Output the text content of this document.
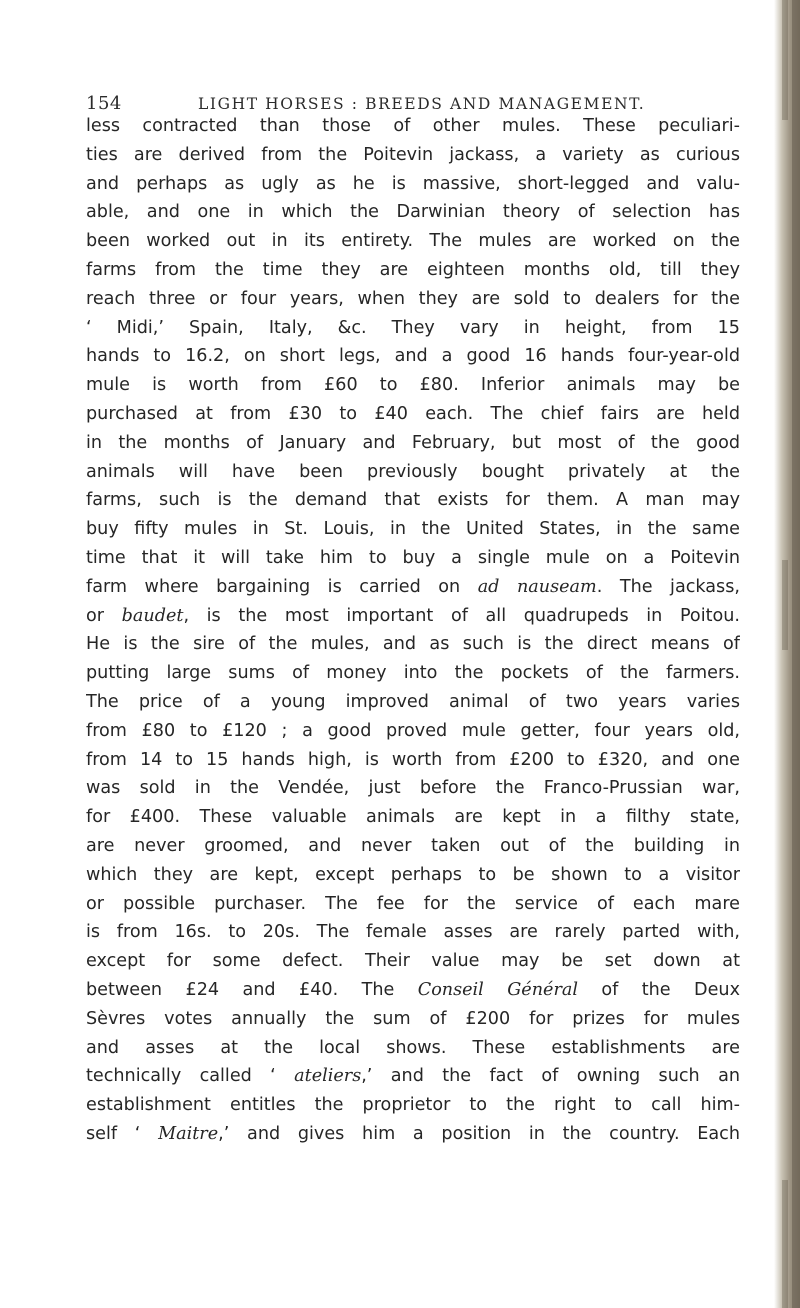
154	LIGHT HORSES : BREEDS AND MANAGEMENT.
less contracted than those of other mules. These peculiari-
ties are derived from the Poitevin jackass, a variety as curious
and perhaps as ugly as he is massive, short-legged and valu-
able, and one in which the Darwinian theory of selection has
been worked out in its entirety. The mules are worked on the
farms from the time they are eighteen months old, till they
reach three or four years, when they are sold to dealers for the
‘ Midi,’ Spain, Italy, &c. They vary in height, from 15
hands to 16.2, on short legs, and a good 16 hands four-year-old
mule is worth from £60 to £80. Inferior animals may be
purchased at from £30 to £40 each. The chief fairs are held
in the months of January and February, but most of the good
animals will have been previously bought privately at the
farms, such is the demand that exists for them. A man may
buy fifty mules in St. Louis, in the United States, in the same
time that it will take him to buy a single mule on a Poitevin
farm where bargaining is carried on ad nauseam. The jackass,
or baudet, is the most important of all quadrupeds in Poitou.
He is the sire of the mules, and as such is the direct means of
putting large sums of money into the pockets of the farmers.
The price of a young improved animal of two years varies
from £80 to £120 ; a good proved mule getter, four years old,
from 14 to 15 hands high, is worth from £200 to £320, and one
was sold in the Vendée, just before the Franco-Prussian war,
for £400. These valuable animals are kept in a filthy state,
are never groomed, and never taken out of the building in
which they are kept, except perhaps to be shown to a visitor
or possible purchaser. The fee for the service of each mare
is from 16s. to 20s. The female asses are rarely parted with,
except for some defect. Their value may be set down at
between £24 and £40. The Conseil Général of the Deux
Sèvres votes annually the sum of £200 for prizes for mules
and asses at the local shows. These establishments are
technically called ‘ ateliers,’ and the fact of owning such an
establishment entitles the proprietor to the right to call him-
self ‘ Maitre,’ and gives him a position in the country. Each
